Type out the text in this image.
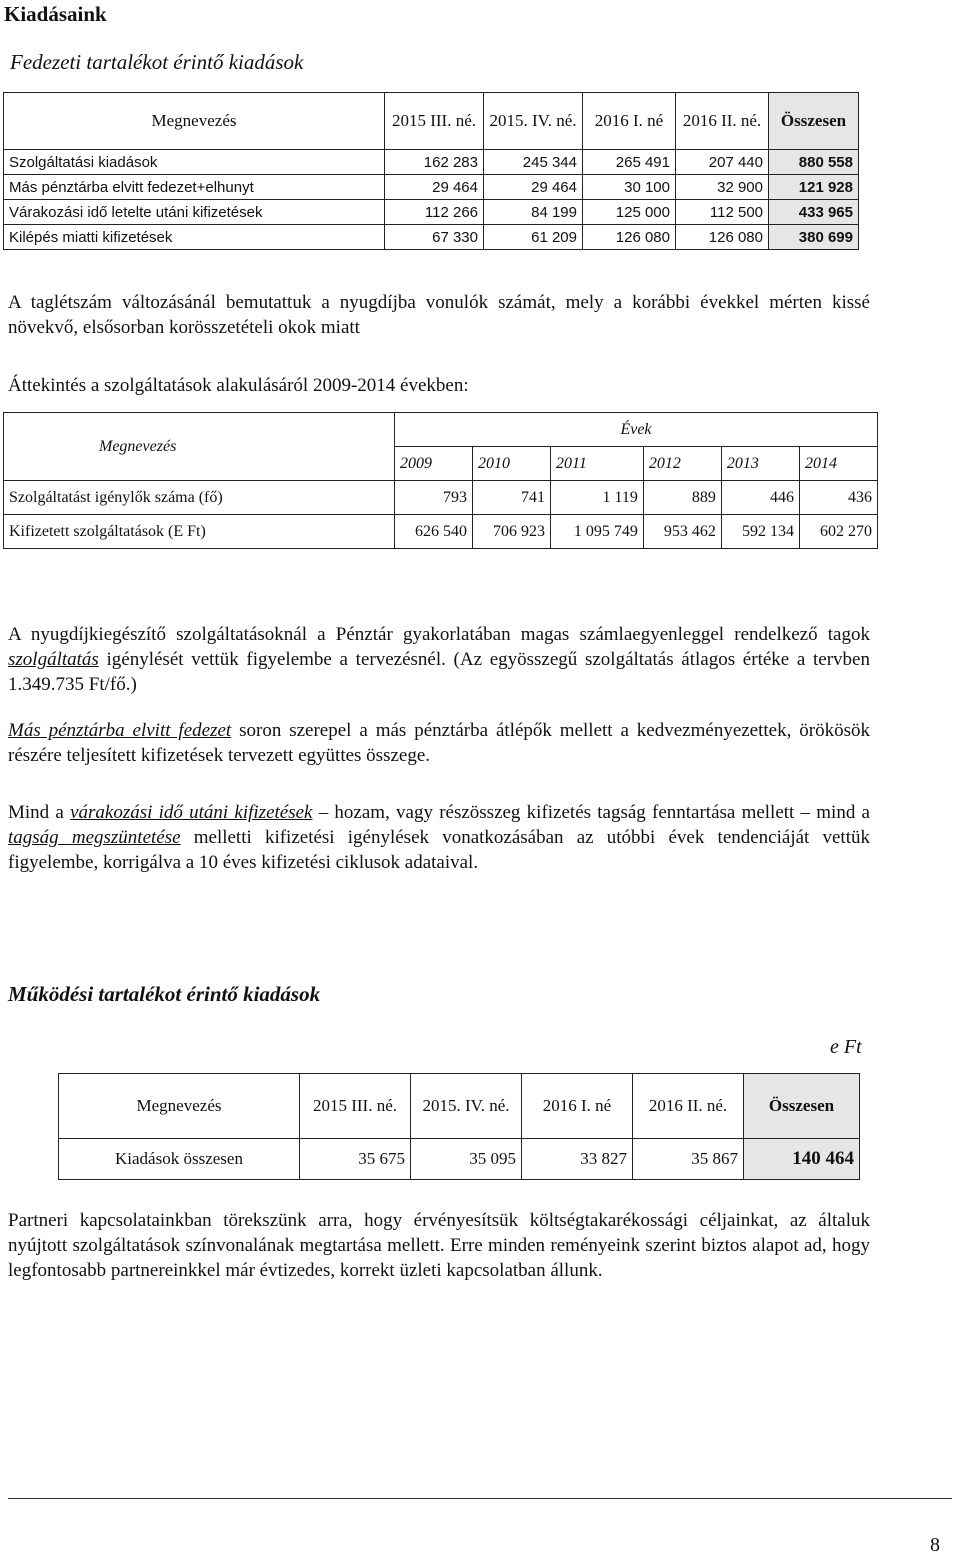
Kiadásaink
Fedezeti tartalékot érintő kiadások
Megnevezés	2015 III. né.	2015. IV. né.	2016 I. né	2016 II. né.	Összesen
Szolgáltatási kiadások	162 283	245 344	265 491	207 440	880 558
Más pénztárba elvitt fedezet+elhunyt	29 464	29 464	30 100	32 900	121 928
Várakozási idő letelte utáni kifizetések	112 266	84 199	125 000	112 500	433 965
Kilépés miatti kifizetések	67 330	61 209	126 080	126 080	380 699
A taglétszám változásánál bemutattuk a nyugdíjba vonulók számát, mely a korábbi évekkel mérten kissé növekvő, elsősorban korösszetételi okok miatt
Áttekintés a szolgáltatások alakulásáról 2009-2014 években:
Megnevezés	Évek					
	2009	2010	2011	2012	2013	2014
Szolgáltatást igénylők száma (fő)	793	741	1 119	889	446	436
Kifizetett szolgáltatások (E Ft)	626 540	706 923	1 095 749	953 462	592 134	602 270

A nyugdíjkiegészítő szolgáltatásoknál a Pénztár gyakorlatában magas számlaegyenleggel rendelkező tagok szolgáltatás igénylését vettük figyelembe a tervezésnél. (Az egyösszegű szolgáltatás átlagos értéke a tervben 1.349.735 Ft/fő.)

Más pénztárba elvitt fedezet soron szerepel a más pénztárba átlépők mellett a kedvezményezettek, örökösök részére teljesített kifizetések tervezett együttes összege.

Mind a várakozási idő utáni kifizetések – hozam, vagy részösszeg kifizetés tagság fenntartása mellett – mind a tagság megszüntetése melletti kifizetési igénylések vonatkozásában az utóbbi évek tendenciáját vettük figyelembe, korrigálva a 10 éves kifizetési ciklusok adataival.

Működési tartalékot érintő kiadások
e Ft
Megnevezés	2015 III. né.	2015. IV. né.	2016 I. né	2016 II. né.	Összesen
Kiadások összesen	35 675	35 095	33 827	35 867	140 464
Partneri kapcsolatainkban törekszünk arra, hogy érvényesítsük költségtakarékossági céljainkat, az általuk nyújtott szolgáltatások színvonalának megtartása mellett. Erre minden reményeink szerint biztos alapot ad, hogy legfontosabb partnereinkkel már évtizedes, korrekt üzleti kapcsolatban állunk.
8
